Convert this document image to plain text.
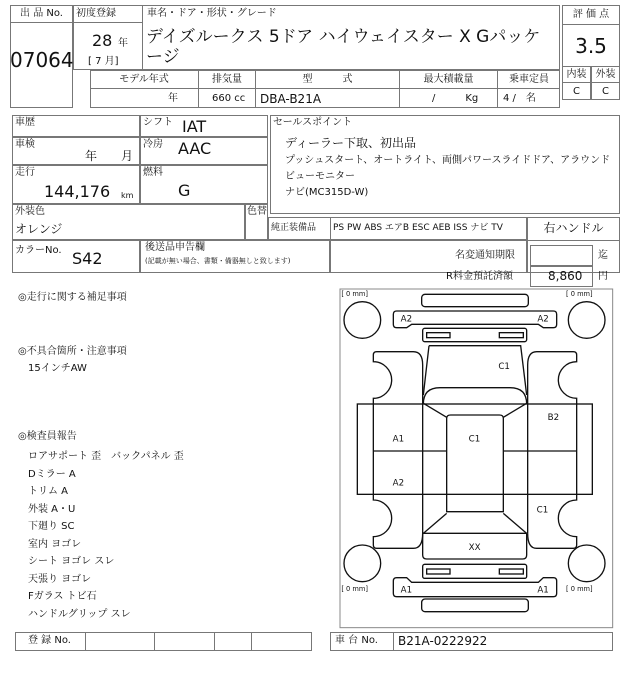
出 品 No.
07064
初度登録
28 年
[ 7 月]
車名・ドア・形状・グレード
デイズルークス 5ドア ハイウェイスター X Gパッケージ
モデル年式	排気量	型　　　式	最大積載量	乗車定員
年	660 cc DBA-B21A	/　　　Kg 4 /　名
評 価 点
3.5
内装 外装
C	C
車歴	シフト IAT
車検
年　　月
冷房 AAC
走行
144,176 km
燃料
G
外装色
オレンジ
色替
カラーNo. S42
後送品申告欄
(記載が無い場合、書類・備器無しと致します)
セールスポイント
ディーラー下取、初出品
プッシュスタート、オートライト、両側パワースライドドア、アラウンド
ビューモニター
ナビ(MC315D-W)
純正装備品 PS PW ABS エアB ESC AEB ISS ナビ TV	右ハンドル
名変通知期限	迄
R料金預託済額	8,860 円
◎走行に関する補足事項
◎不具合箇所・注意事項
15インチAW
◎検査員報告
ロアサポート 歪　バックパネル 歪
Dミラー A
トリム A
外装 A・U
下廻り SC
室内 ヨゴレ
シート ヨゴレ スレ
天張り ヨゴレ
Fガラス トビ石
ハンドルグリップ スレ
[ 0 mm]	[ 0 mm]
[ 0 mm]	[ 0 mm]
A2	A2
C1
B2
A1 C1
A2
C1
XX
A1	A1
登 録 No.	車 台 No. B21A-0222922
